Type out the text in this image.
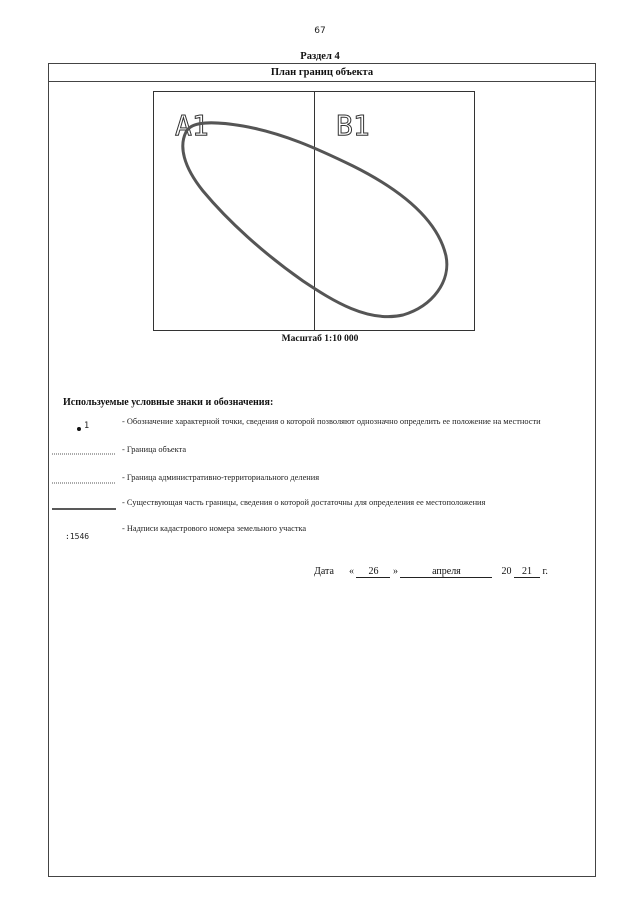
67
Раздел 4
План границ объекта
А1	В1
Масштаб 1:10 000
Используемые условные знаки и обозначения:
1
:1546
- Обозначение характерной точки, сведения о которой позволяют однозначно определить ее положение на местности
- Граница объекта
- Граница административно-территориального деления
- Существующая часть границы, сведения о которой достаточны для определения ее местоположения
- Надписи кадастрового номера земельного участка
Дата « 26 »	апреля	20 21 г.
